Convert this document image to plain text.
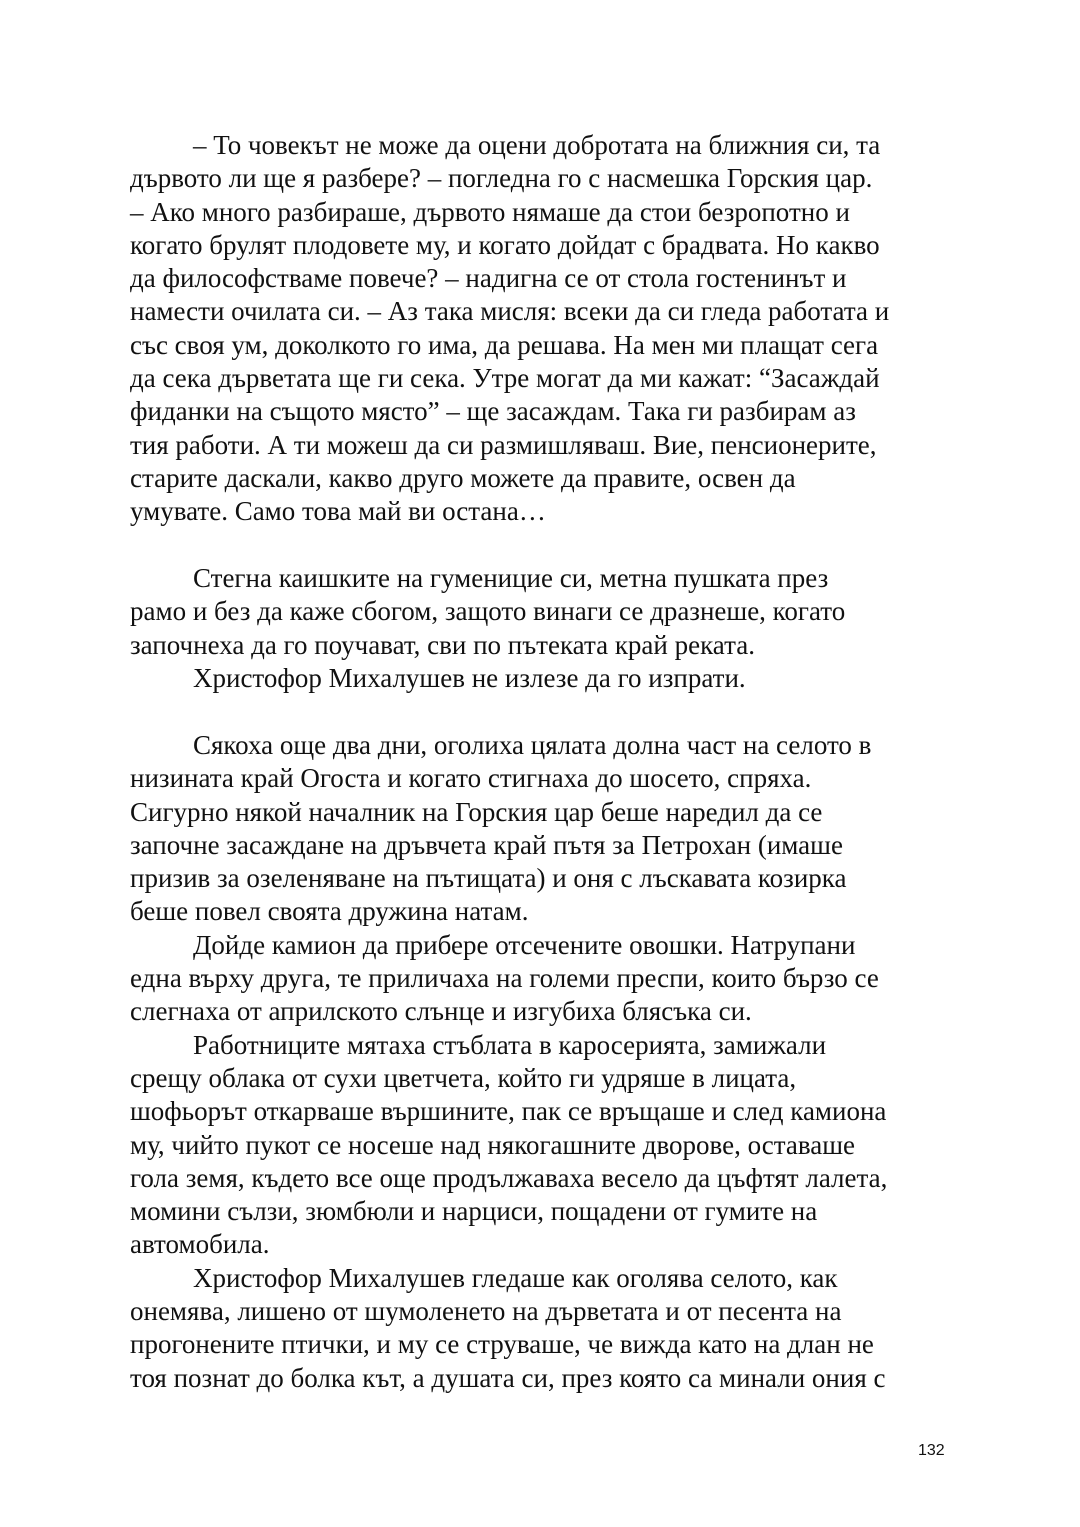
– То човекът не може да оцени добротата на ближния си, та
дървото ли ще я разбере? – погледна го с насмешка Горския цар.
– Ако много разбираше, дървото нямаше да стои безропотно и
когато брулят плодовете му, и когато дойдат с брадвата. Но какво
да философстваме повече? – надигна се от стола гостенинът и
намести очилата си. – Аз така мисля: всеки да си гледа работата и
със своя ум, доколкото го има, да решава. На мен ми плащат сега
да сека дърветата ще ги сека. Утре могат да ми кажат: “Засаждай
фиданки на същото място” – ще засаждам. Така ги разбирам аз
тия работи. А ти можеш да си размишляваш. Вие, пенсионерите,
старите даскали, какво друго можете да правите, освен да
умувате. Само това май ви остана…
Стегна каишките на гуменицие си, метна пушката през
рамо и без да каже сбогом, защото винаги се дразнеше, когато
започнеха да го поучават, сви по пътеката край реката.
Христофор Михалушев не излезе да го изпрати.
Сякоха още два дни, оголиха цялата долна част на селото в
низината край Огоста и когато стигнаха до шосето, спряха.
Сигурно някой началник на Горския цар беше наредил да се
започне засаждане на дръвчета край пътя за Петрохан (имаше
призив за озеленяване на пътищата) и оня с лъскавата козирка
беше повел своята дружина натам.
Дойде камион да прибере отсечените овошки. Натрупани
една върху друга, те приличаха на големи преспи, които бързо се
слегнаха от априлското слънце и изгубиха блясъка си.
Работниците мятаха стъблата в каросерията, замижали
срещу облака от сухи цветчета, който ги удряше в лицата,
шофьорът откарваше вършините, пак се връщаше и след камиона
му, чийто пукот се носеше над някогашните дворове, оставаше
гола земя, където все още продължаваха весело да цъфтят лалета,
момини сълзи, зюмбюли и нарциси, пощадени от гумите на
автомобила.
Христофор Михалушев гледаше как оголява селото, как
онемява, лишено от шумоленето на дърветата и от песента на
прогонените птички, и му се струваше, че вижда като на длан не
тоя познат до болка кът, а душата си, през която са минали ония с
132
